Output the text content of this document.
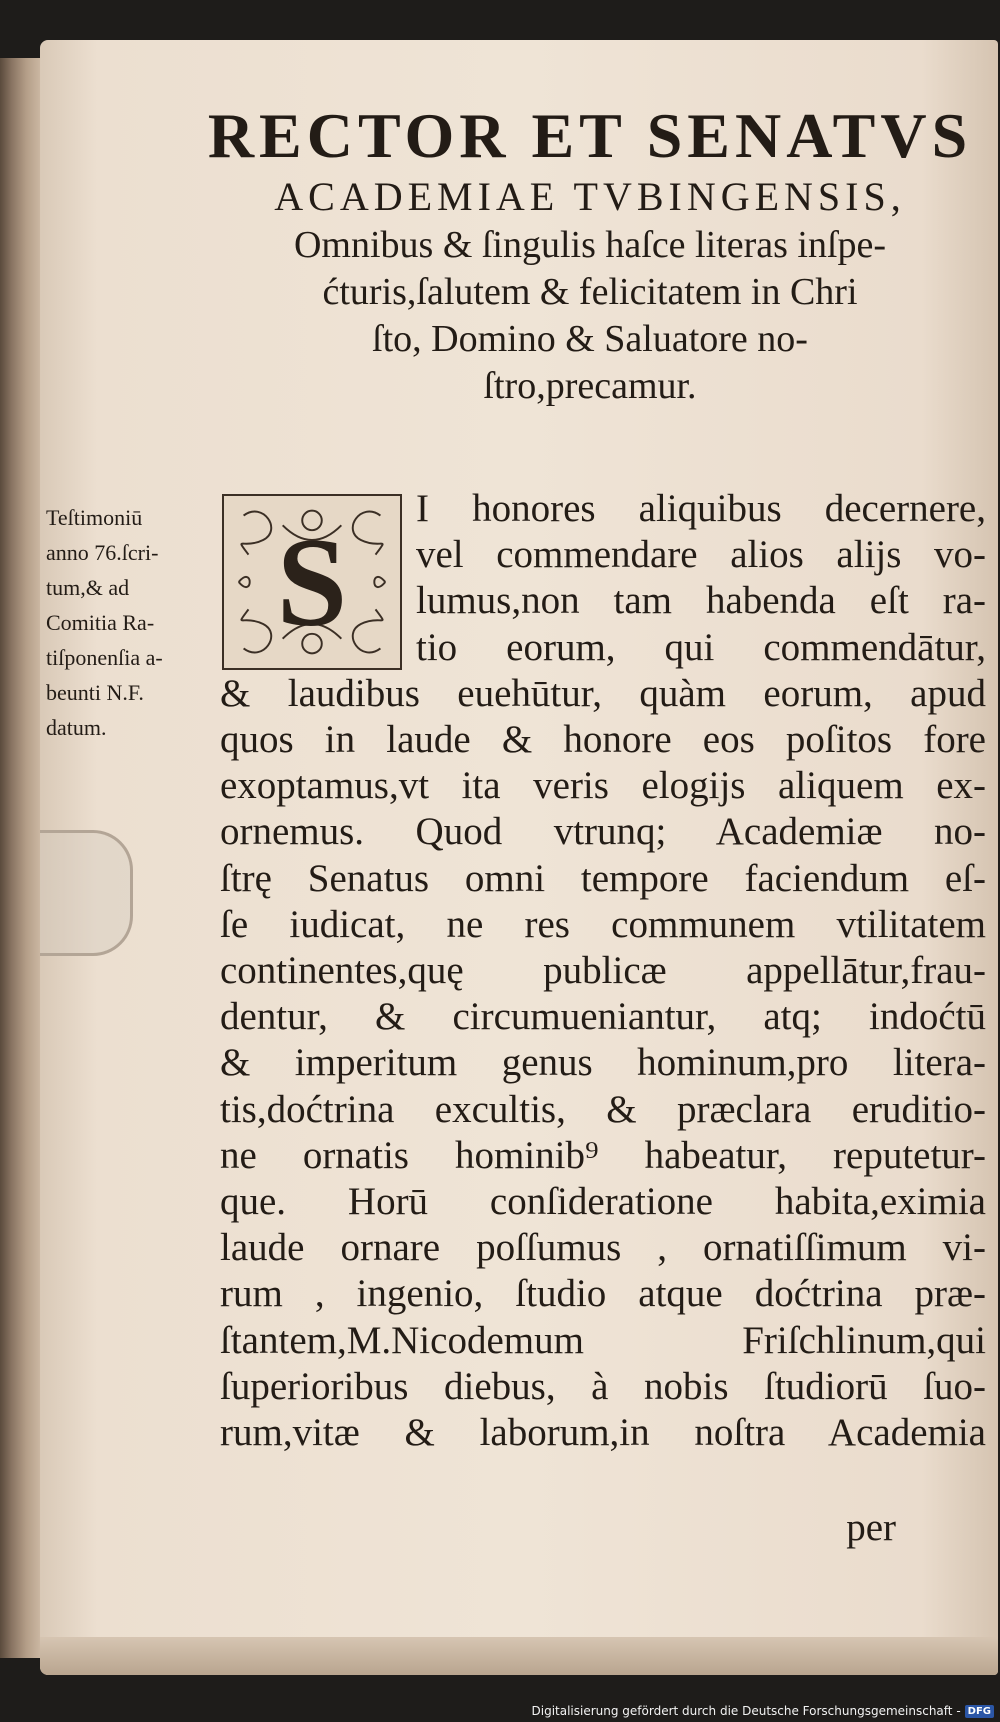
RECTOR ET SENATVS
ACADEMIAE TVBINGENSIS,
Omnibus & ſingulis haſce literas inſpe-
ćturis,ſalutem & felicitatem in Chri
ſto, Domino & Saluatore no-
ſtro,precamur.
Teſtimoniū
anno 76.ſcri-
tum,& ad
Comitia Ra-
tiſponenſia a-
beunti N.F.
datum.
S
I honores aliquibus decernere,
vel commendare alios alijs vo-
lumus,non tam habenda eſt ra-
tio eorum, qui commendātur,
& laudibus euehūtur, quàm eorum, apud
quos in laude & honore eos poſitos fore
exoptamus,vt ita veris elogijs aliquem ex-
ornemus. Quod vtrunq; Academiæ no-
ſtrę Senatus omni tempore faciendum eſ-
ſe iudicat, ne res communem vtilitatem
continentes,quę publicæ appellātur,frau-
dentur, & circumueniantur, atq; indoćtū
& imperitum genus hominum,pro litera-
tis,doćtrina excultis, & præclara eruditio-
ne ornatis hominib⁹ habeatur, reputetur-
que. Horū conſideratione habita,eximia
laude ornare poſſumus , ornatiſſimum vi-
rum , ingenio, ſtudio atque doćtrina præ-
ſtantem,M.Nicodemum Friſchlinum,qui
ſuperioribus diebus, à nobis ſtudiorū ſuo-
rum,vitæ & laborum,in noſtra Academia
per
Digitalisierung gefördert durch die Deutsche Forschungsgemeinschaft - DFG
